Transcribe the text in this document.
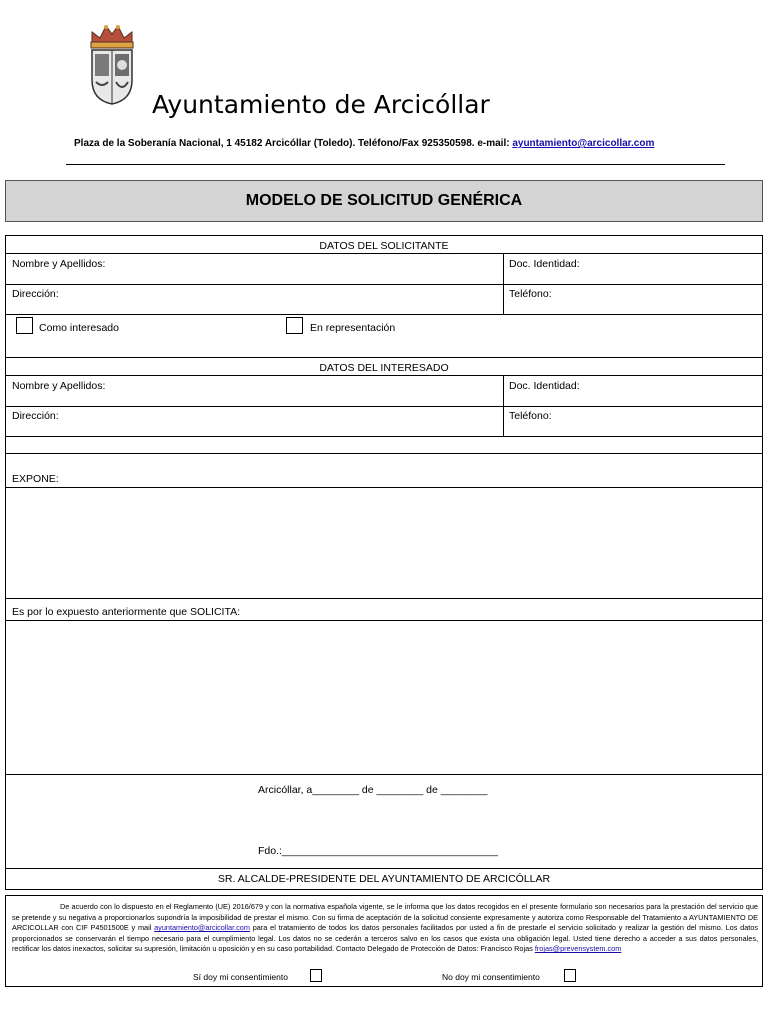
Ayuntamiento de Arcicóllar
Plaza de la Soberanía Nacional, 1 45182 Arcicóllar (Toledo). Teléfono/Fax 925350598. e-mail: ayuntamiento@arcicollar.com
MODELO DE SOLICITUD GENÉRICA
DATOS DEL SOLICITANTE
Nombre y Apellidos:	Doc. Identidad:
Dirección:	Teléfono:
Como interesado	En representación
DATOS DEL INTERESADO
Nombre y Apellidos:	Doc. Identidad:
Dirección:	Teléfono:
EXPONE:
Es por lo expuesto anteriormente que SOLICITA:
Arcicóllar, a________ de ________ de ________
Fdo.:_____________________________________
SR. ALCALDE-PRESIDENTE DEL AYUNTAMIENTO DE ARCICÓLLAR

De acuerdo con lo dispuesto en el Reglamento (UE) 2016/679 y con la normativa española vigente, se le informa que los datos recogidos en el presente formulario son necesarios para la prestación del servicio que se pretende y su negativa a proporcionarlos supondría la imposibilidad de prestar el mismo. Con su firma de aceptación de la solicitud consiente expresamente y autoriza como Responsable del Tratamiento a AYUNTAMIENTO DE ARCICOLLAR con CIF P4501500E y mail ayuntamiento@arcicollar.com para el tratamiento de todos los datos personales facilitados por usted a fin de prestarle el servicio solicitado y realizar la gestión del mismo. Los datos proporcionados se conservarán el tiempo necesario para el cumplimiento legal. Los datos no se cederán a terceros salvo en los casos que exista una obligación legal. Usted tiene derecho a acceder a sus datos personales, rectificar los datos inexactos, solicitar su supresión, limitación u oposición y en su caso portabilidad. Contacto Delegado de Protección de Datos: Francisco Rojas frojas@prevensystem.com

Sí doy mi consentimiento	No doy mi consentimiento
